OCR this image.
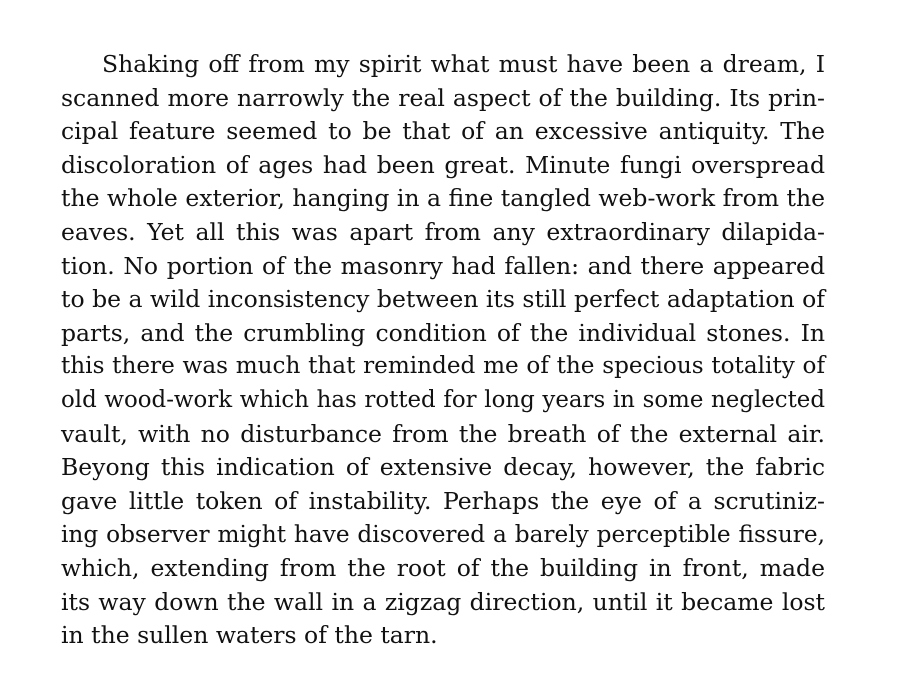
Shaking off from my spirit what must have been a dream, I
scanned more narrowly the real aspect of the building. Its prin-
cipal feature seemed to be that of an excessive antiquity. The
discoloration of ages had been great. Minute fungi overspread
the whole exterior, hanging in a fine tangled web-work from the
eaves. Yet all this was apart from any extraordinary dilapida-
tion. No portion of the masonry had fallen: and there appeared
to be a wild inconsistency between its still perfect adaptation of
parts, and the crumbling condition of the individual stones. In
this there was much that reminded me of the specious totality of
old wood-work which has rotted for long years in some neglected
vault, with no disturbance from the breath of the external air.
Beyong this indication of extensive decay, however, the fabric
gave little token of instability. Perhaps the eye of a scrutiniz-
ing observer might have discovered a barely perceptible fissure,
which, extending from the root of the building in front, made
its way down the wall in a zigzag direction, until it became lost
in the sullen waters of the tarn.
